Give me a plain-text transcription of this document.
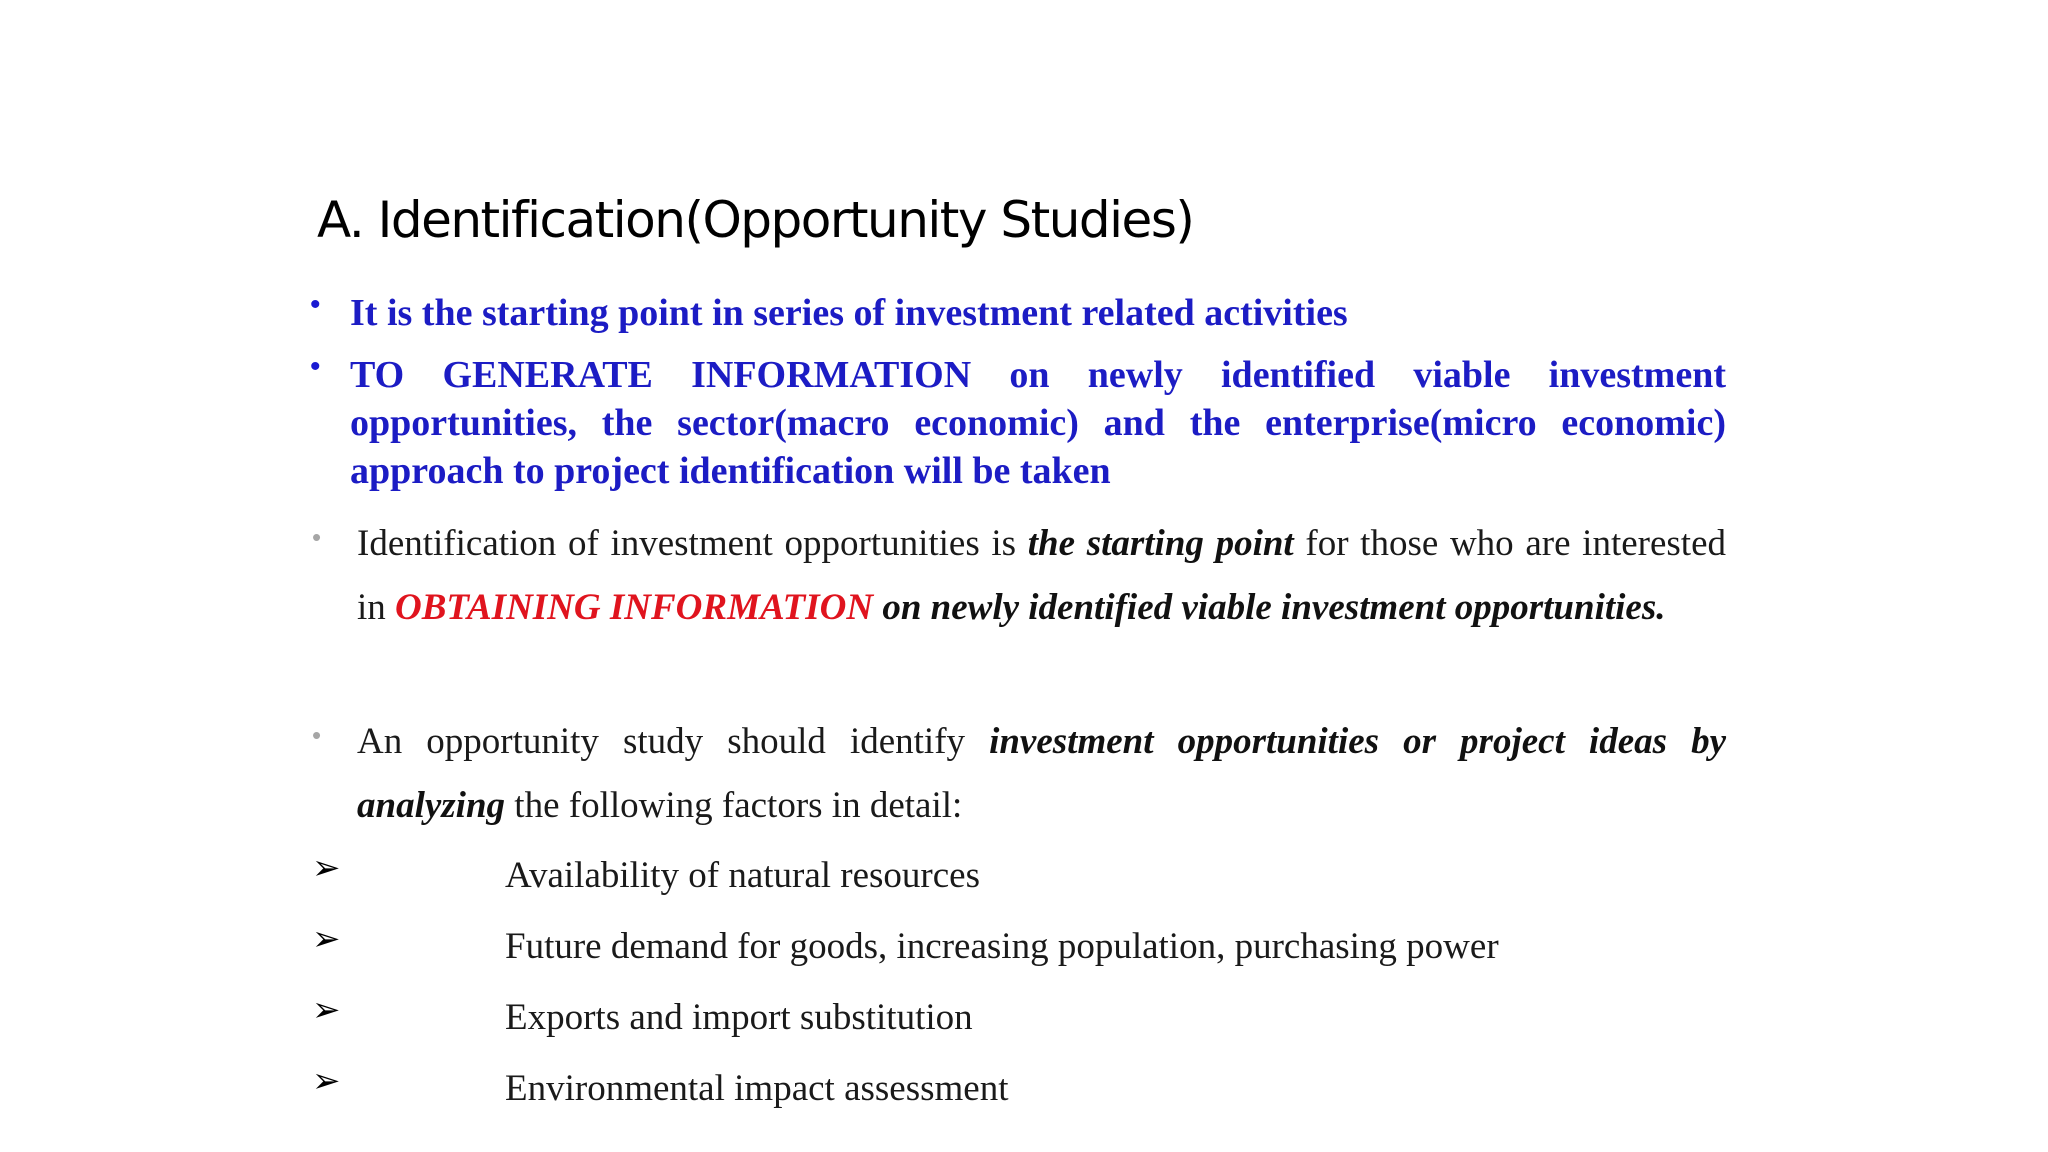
A. Identification(Opportunity Studies)
• It is the starting point in series of investment related activities
• TO GENERATE INFORMATION on newly identified viable investment opportunities, the sector(macro economic) and the enterprise(micro economic) approach to project identification will be taken
• Identification of investment opportunities is the starting point for those who are interested in OBTAINING INFORMATION on newly identified viable investment opportunities.
• An opportunity study should identify investment opportunities or project ideas by analyzing the following factors in detail:
➢	Availability of natural resources
➢	Future demand for goods, increasing population, purchasing power
➢	Exports and import substitution
➢	Environmental impact assessment
